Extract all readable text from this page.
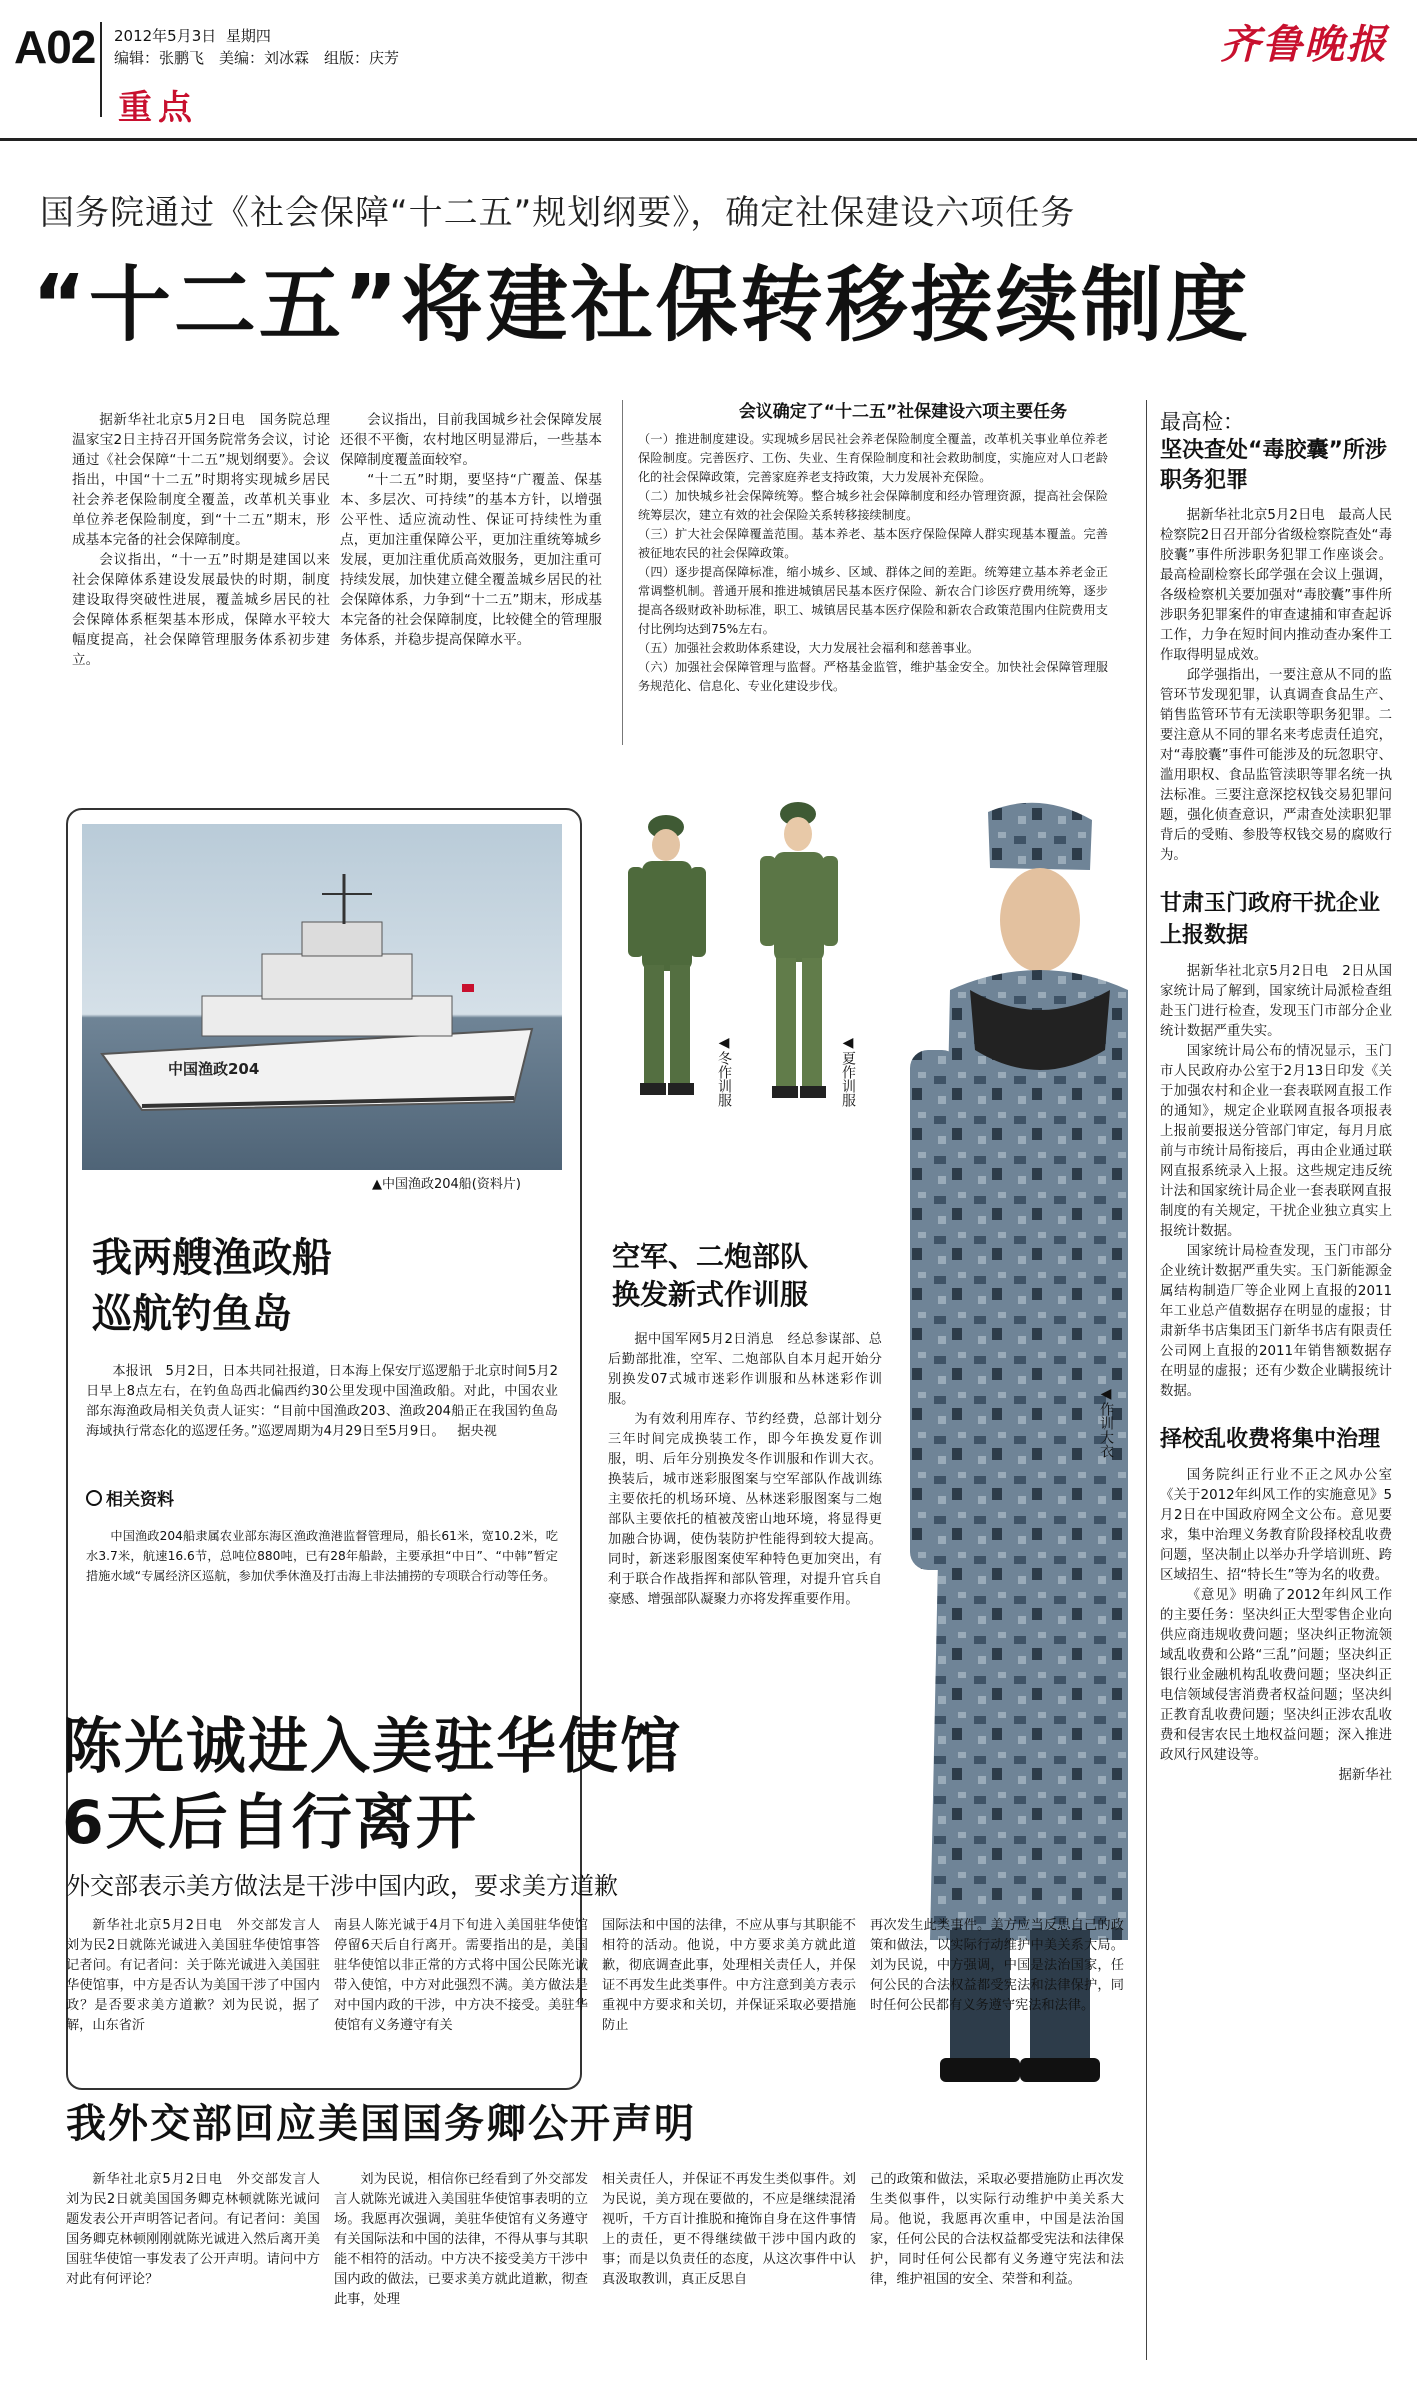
A02 2012年5月3日 星期四
编辑：张鹏飞　美编：刘冰霖　组版：庆芳
重点
齐鲁晚报
国务院通过《社会保障“十二五”规划纲要》，确定社保建设六项任务
“十二五”将建社保转移接续制度

据新华社北京5月2日电　国务院总理温家宝2日主持召开国务院常务会议，讨论通过《社会保障“十二五”规划纲要》。会议指出，中国“十二五”时期将实现城乡居民社会养老保险制度全覆盖，改革机关事业单位养老保险制度，到“十二五”期末，形成基本完备的社会保障制度。

会议指出，“十一五”时期是建国以来社会保障体系建设发展最快的时期，制度建设取得突破性进展，覆盖城乡居民的社会保障体系框架基本形成，保障水平较大幅度提高，社会保障管理服务体系初步建立。

会议指出，目前我国城乡社会保障发展还很不平衡，农村地区明显滞后，一些基本保障制度覆盖面较窄。

“十二五”时期，要坚持“广覆盖、保基本、多层次、可持续”的基本方针，以增强公平性、适应流动性、保证可持续性为重点，更加注重保障公平，更加注重统筹城乡发展，更加注重优质高效服务，更加注重可持续发展，加快建立健全覆盖城乡居民的社会保障体系，力争到“十二五”期末，形成基本完备的社会保障制度，比较健全的管理服务体系，并稳步提高保障水平。

会议确定了“十二五”社保建设六项主要任务

（一）推进制度建设。实现城乡居民社会养老保险制度全覆盖，改革机关事业单位养老保险制度。完善医疗、工伤、失业、生育保险制度和社会救助制度，实施应对人口老龄化的社会保障政策，完善家庭养老支持政策，大力发展补充保险。

（二）加快城乡社会保障统筹。整合城乡社会保障制度和经办管理资源，提高社会保险统筹层次，建立有效的社会保险关系转移接续制度。

（三）扩大社会保障覆盖范围。基本养老、基本医疗保险保障人群实现基本覆盖。完善被征地农民的社会保障政策。

（四）逐步提高保障标准，缩小城乡、区域、群体之间的差距。统筹建立基本养老金正常调整机制。普通开展和推进城镇居民基本医疗保险、新农合门诊医疗费用统筹，逐步提高各级财政补助标准，职工、城镇居民基本医疗保险和新农合政策范围内住院费用支付比例均达到75%左右。

（五）加强社会救助体系建设，大力发展社会福利和慈善事业。

（六）加强社会保障管理与监督。严格基金监管，维护基金安全。加快社会保障管理服务规范化、信息化、专业化建设步伐。

最高检：
坚决查处“毒胶囊”所涉职务犯罪

据新华社北京5月2日电　最高人民检察院2日召开部分省级检察院查处“毒胶囊”事件所涉职务犯罪工作座谈会。最高检副检察长邱学强在会议上强调，各级检察机关要加强对“毒胶囊”事件所涉职务犯罪案件的审查逮捕和审查起诉工作，力争在短时间内推动查办案件工作取得明显成效。

邱学强指出，一要注意从不同的监管环节发现犯罪，认真调查食品生产、销售监管环节有无渎职等职务犯罪。二要注意从不同的罪名来考虑责任追究，对“毒胶囊”事件可能涉及的玩忽职守、滥用职权、食品监管渎职等罪名统一执法标准。三要注意深挖权钱交易犯罪问题，强化侦查意识，严肃查处渎职犯罪背后的受贿、参股等权钱交易的腐败行为。

甘肃玉门政府干扰企业上报数据

据新华社北京5月2日电　2日从国家统计局了解到，国家统计局派检查组赴玉门进行检查，发现玉门市部分企业统计数据严重失实。

国家统计局公布的情况显示，玉门市人民政府办公室于2月13日印发《关于加强农村和企业一套表联网直报工作的通知》，规定企业联网直报各项报表上报前要报送分管部门审定，每月月底前与市统计局衔接后，再由企业通过联网直报系统录入上报。这些规定违反统计法和国家统计局企业一套表联网直报制度的有关规定，干扰企业独立真实上报统计数据。

国家统计局检查发现，玉门市部分企业统计数据严重失实。玉门新能源金属结构制造厂等企业网上直报的2011年工业总产值数据存在明显的虚报；甘肃新华书店集团玉门新华书店有限责任公司网上直报的2011年销售额数据存在明显的虚报；还有少数企业瞒报统计数据。

择校乱收费将集中治理

国务院纠正行业不正之风办公室《关于2012年纠风工作的实施意见》5月2日在中国政府网全文公布。意见要求，集中治理义务教育阶段择校乱收费问题，坚决制止以举办升学培训班、跨区域招生、招“特长生”等为名的收费。

《意见》明确了2012年纠风工作的主要任务：坚决纠正大型零售企业向供应商违规收费问题；坚决纠正物流领域乱收费和公路“三乱”问题；坚决纠正银行业金融机构乱收费问题；坚决纠正电信领域侵害消费者权益问题；坚决纠正教育乱收费问题；坚决纠正涉农乱收费和侵害农民土地权益问题；深入推进政风行风建设等。

据新华社
中国渔政204
▲中国渔政204船(资料片)
我两艘渔政船
巡航钓鱼岛

本报讯　5月2日，日本共同社报道，日本海上保安厅巡逻船于北京时间5月2日早上8点左右，在钓鱼岛西北偏西约30公里发现中国渔政船。对此，中国农业部东海渔政局相关负责人证实：“目前中国渔政203、渔政204船正在我国钓鱼岛海域执行常态化的巡逻任务。”巡逻周期为4月29日至5月9日。 据央视

相关资料

中国渔政204船隶属农业部东海区渔政渔港监督管理局，船长61米，宽10.2米，吃水3.7米，航速16.6节，总吨位880吨，已有28年船龄，主要承担“中日”、“中韩”暂定措施水域“专属经济区巡航，参加伏季休渔及打击海上非法捕捞的专项联合行动等任务。

◀冬作训服	◀夏作训服
◀作训大衣
空军、二炮部队
换发新式作训服

据中国军网5月2日消息　经总参谋部、总后勤部批准，空军、二炮部队自本月起开始分别换发07式城市迷彩作训服和丛林迷彩作训服。

为有效利用库存、节约经费，总部计划分三年时间完成换装工作，即今年换发夏作训服，明、后年分别换发冬作训服和作训大衣。换装后，城市迷彩服图案与空军部队作战训练主要依托的机场环境、丛林迷彩服图案与二炮部队主要依托的植被茂密山地环境，将显得更加融合协调，使伪装防护性能得到较大提高。同时，新迷彩服图案使军种特色更加突出，有利于联合作战指挥和部队管理，对提升官兵自豪感、增强部队凝聚力亦将发挥重要作用。

陈光诚进入美驻华使馆
6天后自行离开
外交部表示美方做法是干涉中国内政，要求美方道歉

新华社北京5月2日电　外交部发言人刘为民2日就陈光诚进入美国驻华使馆事答记者问。有记者问：关于陈光诚进入美国驻华使馆事，中方是否认为美国干涉了中国内政？是否要求美方道歉？刘为民说，据了解，山东省沂

南县人陈光诚于4月下旬进入美国驻华使馆停留6天后自行离开。需要指出的是，美国驻华使馆以非正常的方式将中国公民陈光诚带入使馆，中方对此强烈不满。美方做法是对中国内政的干涉，中方决不接受。美驻华使馆有义务遵守有关

国际法和中国的法律，不应从事与其职能不相符的活动。他说，中方要求美方就此道歉，彻底调查此事，处理相关责任人，并保证不再发生此类事件。中方注意到美方表示重视中方要求和关切，并保证采取必要措施防止

再次发生此类事件。美方应当反思自己的政策和做法，以实际行动维护中美关系大局。刘为民说，中方强调，中国是法治国家，任何公民的合法权益都受宪法和法律保护，同时任何公民都有义务遵守宪法和法律。

我外交部回应美国国务卿公开声明

新华社北京5月2日电　外交部发言人刘为民2日就美国国务卿克林顿就陈光诚问题发表公开声明答记者问。有记者问：美国国务卿克林顿刚刚就陈光诚进入然后离开美国驻华使馆一事发表了公开声明。请问中方对此有何评论？

刘为民说，相信你已经看到了外交部发言人就陈光诚进入美国驻华使馆事表明的立场。我愿再次强调，美驻华使馆有义务遵守有关国际法和中国的法律，不得从事与其职能不相符的活动。中方决不接受美方干涉中国内政的做法，已要求美方就此道歉，彻查此事，处理

相关责任人，并保证不再发生类似事件。刘为民说，美方现在要做的，不应是继续混淆视听，千方百计推脱和掩饰自身在这件事情上的责任，更不得继续做干涉中国内政的事；而是以负责任的态度，从这次事件中认真汲取教训，真正反思自

己的政策和做法，采取必要措施防止再次发生类似事件，以实际行动维护中美关系大局。他说，我愿再次重申，中国是法治国家，任何公民的合法权益都受宪法和法律保护，同时任何公民都有义务遵守宪法和法律，维护祖国的安全、荣誉和利益。
